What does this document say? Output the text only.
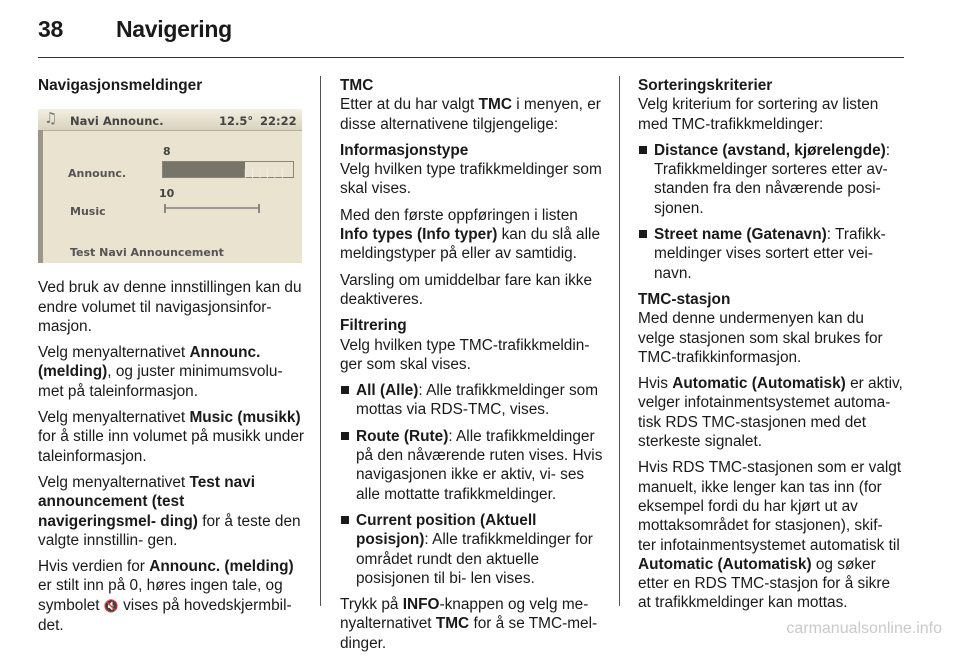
38 Navigering
Navigasjonsmeldinger
♫ Navi Announc.	12.5° 22:22
8
Announc.	||||||
10
Music
Test Navi Announcement

Ved bruk av denne innstillingen kan du endre volumet til navigasjonsinfor- masjon.

Velg menyalternativet Announc. (melding), og juster minimumsvolu- met på taleinformasjon.

Velg menyalternativet Music (musikk) for å stille inn volumet på musikk under taleinformasjon.

Velg menyalternativet Test navi announcement (test navigeringsmel- ding) for å teste den valgte innstillin- gen.

Hvis verdien for Announc. (melding) er stilt inn på 0, høres ingen tale, og symbolet 🔇 vises på hovedskjermbil- det.

TMC

Etter at du har valgt TMC i menyen, er disse alternativene tilgjengelige:

Informasjonstype

Velg hvilken type trafikkmeldinger som skal vises.

Med den første oppføringen i listen Info types (Info typer) kan du slå alle meldingstyper på eller av samtidig.

Varsling om umiddelbar fare kan ikke deaktiveres.

Filtrering

Velg hvilken type TMC-trafikkmeldin- ger som skal vises.

All (Alle): Alle trafikkmeldinger som mottas via RDS-TMC, vises.
Route (Rute): Alle trafikkmeldinger på den nåværende ruten vises. Hvis navigasjonen ikke er aktiv, vi- ses alle mottatte trafikkmeldinger.
Current position (Aktuell posisjon): Alle trafikkmeldinger for området rundt den aktuelle posisjonen til bi- len vises.

Trykk på INFO-knappen og velg me- nyalternativet TMC for å se TMC-mel- dinger.

Sorteringskriterier

Velg kriterium for sortering av listen med TMC-trafikkmeldinger:

Distance (avstand, kjørelengde): Trafikkmeldinger sorteres etter av- standen fra den nåværende posi- sjonen.
Street name (Gatenavn): Trafikk- meldinger vises sortert etter vei- navn.
TMC-stasjon

Med denne undermenyen kan du velge stasjonen som skal brukes for TMC-trafikkinformasjon.

Hvis Automatic (Automatisk) er aktiv, velger infotainmentsystemet automa- tisk RDS TMC-stasjonen med det sterkeste signalet.

Hvis RDS TMC-stasjonen som er valgt manuelt, ikke lenger kan tas inn (for eksempel fordi du har kjørt ut av mottaksområdet for stasjonen), skif- ter infotainmentsystemet automatisk til Automatic (Automatisk) og søker etter en RDS TMC-stasjon for å sikre at trafikkmeldinger kan mottas.

carmanualsonline.info
